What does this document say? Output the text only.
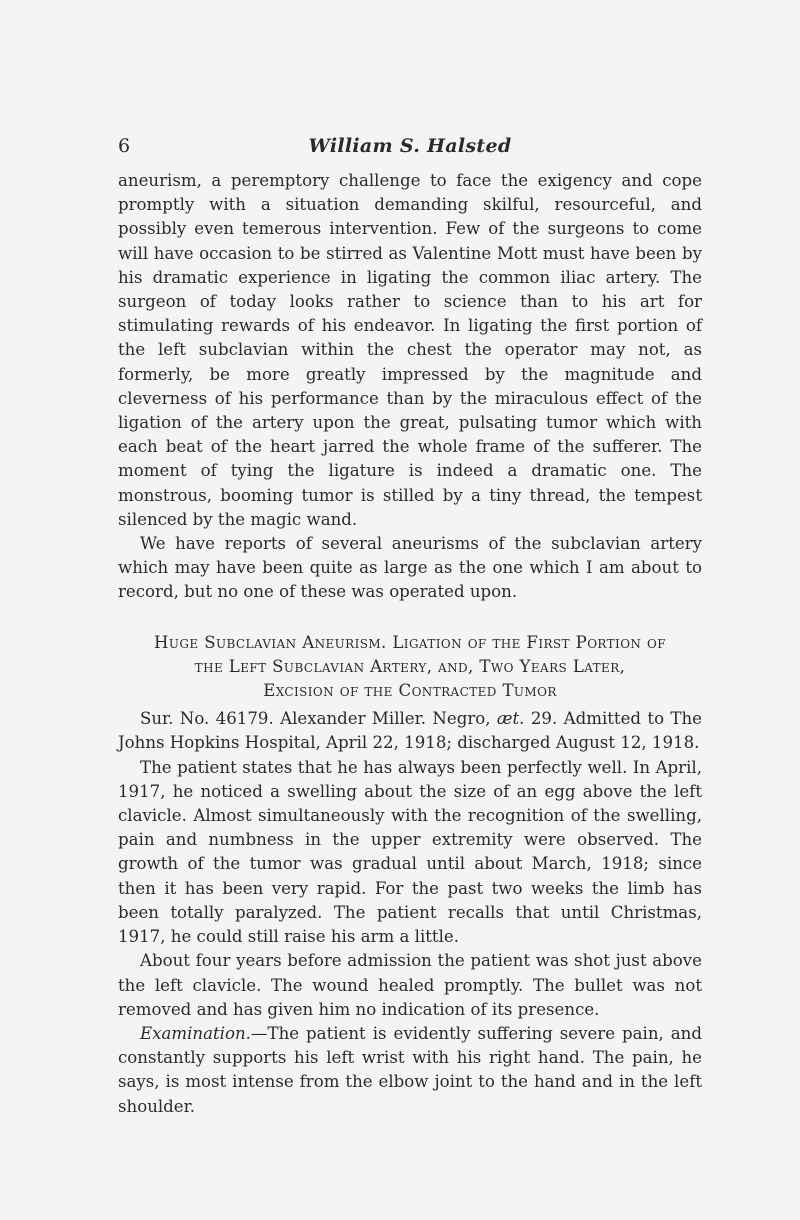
6	William S. Halsted

aneurism, a peremptory challenge to face the exigency and cope promptly with a situation demanding skilful, resourceful, and possibly even temerous intervention. Few of the surgeons to come will have occasion to be stirred as Valentine Mott must have been by his dramatic experience in ligating the common iliac artery. The surgeon of today looks rather to science than to his art for stimulating rewards of his endeavor. In ligating the first portion of the left subclavian within the chest the operator may not, as formerly, be more greatly impressed by the magnitude and cleverness of his performance than by the miraculous effect of the ligation of the artery upon the great, pulsating tumor which with each beat of the heart jarred the whole frame of the sufferer. The moment of tying the ligature is indeed a dramatic one. The monstrous, booming tumor is stilled by a tiny thread, the tempest silenced by the magic wand.

We have reports of several aneurisms of the subclavian artery which may have been quite as large as the one which I am about to record, but no one of these was operated upon.

Huge Subclavian Aneurism. Ligation of the First Portion of
the Left Subclavian Artery, and, Two Years Later,
Excision of the Contracted Tumor

Sur. No. 46179. Alexander Miller. Negro, æt. 29. Admitted to The Johns Hopkins Hospital, April 22, 1918; discharged August 12, 1918.

The patient states that he has always been perfectly well. In April, 1917, he noticed a swelling about the size of an egg above the left clavicle. Almost simultaneously with the recognition of the swelling, pain and numbness in the upper extremity were observed. The growth of the tumor was gradual until about March, 1918; since then it has been very rapid. For the past two weeks the limb has been totally paralyzed. The patient recalls that until Christmas, 1917, he could still raise his arm a little.

About four years before admission the patient was shot just above the left clavicle. The wound healed promptly. The bullet was not removed and has given him no indication of its presence.

Examination.—The patient is evidently suffering severe pain, and constantly supports his left wrist with his right hand. The pain, he says, is most intense from the elbow joint to the hand and in the left shoulder.
